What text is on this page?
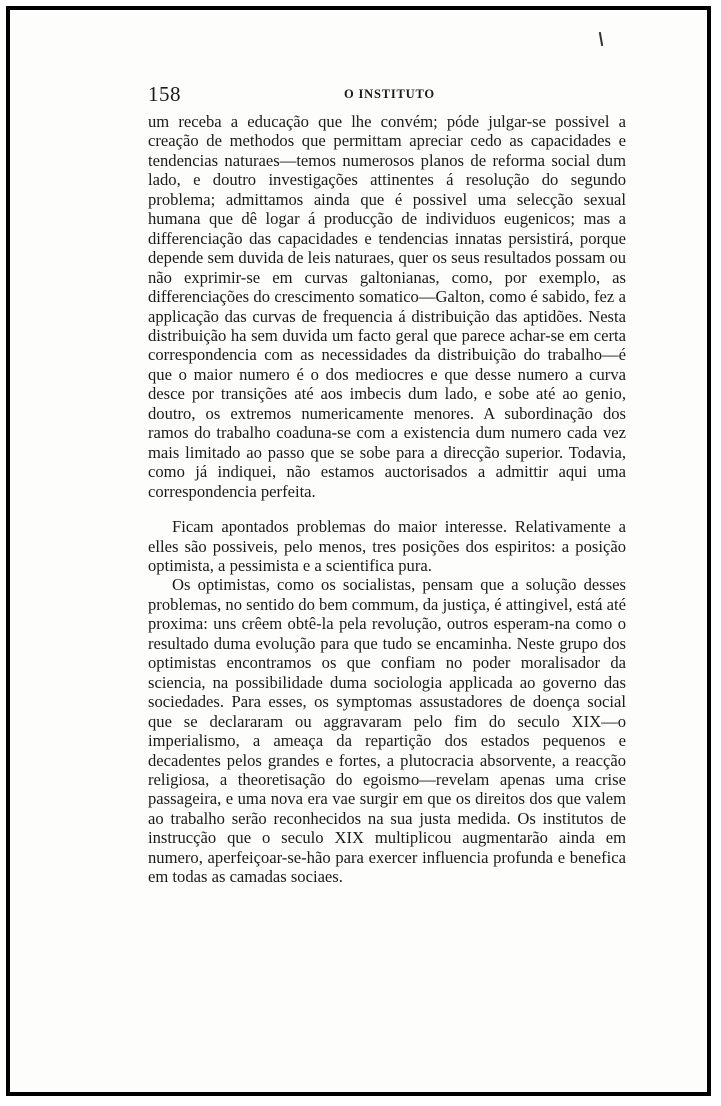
158	O INSTITUTO

um receba a educação que lhe convém; póde julgar-se possivel a creação de methodos que permittam apreciar cedo as capacidades e tendencias naturaes—temos numerosos planos de reforma social dum lado, e doutro investigações attinentes á resolução do segundo problema; admittamos ainda que é possivel uma selecção sexual humana que dê logar á producção de individuos eugenicos; mas a differenciação das capacidades e tendencias innatas persistirá, porque depende sem duvida de leis naturaes, quer os seus resultados possam ou não exprimir-se em curvas galtonianas, como, por exemplo, as differenciações do crescimento somatico—Galton, como é sabido, fez a applicação das curvas de frequencia á distribuição das aptidões. Nesta distribuição ha sem duvida um facto geral que parece achar-se em certa correspondencia com as necessidades da distribuição do trabalho—é que o maior numero é o dos mediocres e que desse numero a curva desce por transições até aos imbecis dum lado, e sobe até ao genio, doutro, os extremos numericamente menores. A subordinação dos ramos do trabalho coaduna-se com a existencia dum numero cada vez mais limitado ao passo que se sobe para a direcção superior. Todavia, como já indiquei, não estamos auctorisados a admittir aqui uma correspondencia perfeita.

Ficam apontados problemas do maior interesse. Relativamente a elles são possiveis, pelo menos, tres posições dos espiritos: a posição optimista, a pessimista e a scientifica pura.

Os optimistas, como os socialistas, pensam que a solução desses problemas, no sentido do bem commum, da justiça, é attingivel, está até proxima: uns crêem obtê-la pela revolução, outros esperam-na como o resultado duma evolução para que tudo se encaminha. Neste grupo dos optimistas encontramos os que confiam no poder moralisador da sciencia, na possibilidade duma sociologia applicada ao governo das sociedades. Para esses, os symptomas assustadores de doença social que se declararam ou aggravaram pelo fim do seculo XIX—o imperialismo, a ameaça da repartição dos estados pequenos e decadentes pelos grandes e fortes, a plutocracia absorvente, a reacção religiosa, a theoretisação do egoismo—revelam apenas uma crise passageira, e uma nova era vae surgir em que os direitos dos que valem ao trabalho serão reconhecidos na sua justa medida. Os institutos de instrucção que o seculo XIX multiplicou augmentarão ainda em numero, aperfeiçoar-se-hão para exercer influencia profunda e benefica em todas as camadas sociaes.
